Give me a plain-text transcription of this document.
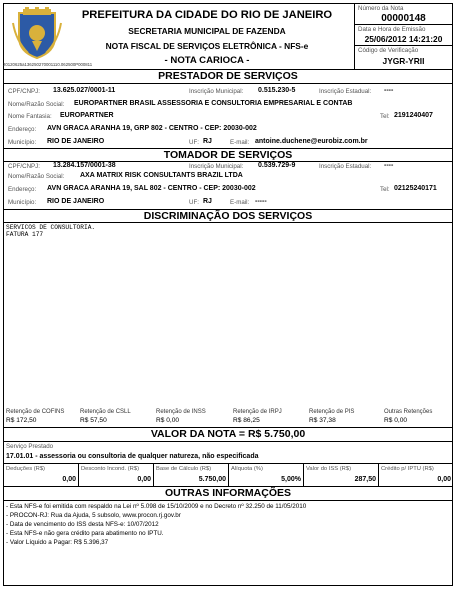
20120625a136250270001110.062500P000811
PREFEITURA DA CIDADE DO RIO DE JANEIRO
SECRETARIA MUNICIPAL DE FAZENDA
NOTA FISCAL DE SERVIÇOS ELETRÔNICA - NFS-e
- NOTA CARIOCA -
Número da Nota
00000148
Data e Hora de Emissão
25/06/2012 14:21:20
Código de Verificação
JYGR-YRII
PRESTADOR DE SERVIÇOS
CPF/CNPJ: 13.625.027/0001-11	Inscrição Municipal: 0.515.230-5	Inscrição Estadual: ----
Nome/Razão Social: EUROPARTNER BRASIL ASSESSORIA E CONSULTORIA EMPRESARIAL E CONTAB
Nome Fantasia: EUROPARTNER	Tel: 2191240407
Endereço: AVN GRACA ARANHA 19, GRP 802 - CENTRO - CEP: 20030-002
Município: RIO DE JANEIRO	UF: RJ	E-mail: antoine.duchene@eurobiz.com.br
TOMADOR DE SERVIÇOS
CPF/CNPJ: 13.284.157/0001-38	Inscrição Municipal: 0.539.729-9	Inscrição Estadual: ----
Nome/Razão Social: AXA MATRIX RISK CONSULTANTS BRAZIL LTDA
Endereço: AVN GRACA ARANHA 19, SAL 802 - CENTRO - CEP: 20030-002	Tel: 02125240171
Município: RIO DE JANEIRO	UF: RJ	E-mail: -----
DISCRIMINAÇÃO DOS SERVIÇOS
SERVICOS DE CONSULTORIA.
FATURA 177
Retenção de COFINS
R$ 172,50
Retenção de CSLL
R$ 57,50
Retenção de INSS
R$ 0,00
Retenção de IRPJ
R$ 86,25
Retenção de PIS
R$ 37,38
Outras Retenções
R$ 0,00
VALOR DA NOTA = R$ 5.750,00
Serviço Prestado
17.01.01 - assessoria ou consultoria de qualquer natureza, não especificada
Deduções (R$)
0,00
Desconto Incond. (R$)
0,00
Base de Cálculo (R$)
5.750,00
Alíquota (%)
5,00%
Valor do ISS (R$)
287,50
Crédito p/ IPTU (R$)
0,00
OUTRAS INFORMAÇÕES
- Esta NFS-e foi emitida com respaldo na Lei nº 5.098 de 15/10/2009 e no Decreto nº 32.250 de 11/05/2010
- PROCON-RJ: Rua da Ajuda, 5 subsolo, www.procon.rj.gov.br
- Data de vencimento do ISS desta NFS-e: 10/07/2012
- Esta NFS-e não gera crédito para abatimento no IPTU.
- Valor Líquido a Pagar: R$ 5.396,37
